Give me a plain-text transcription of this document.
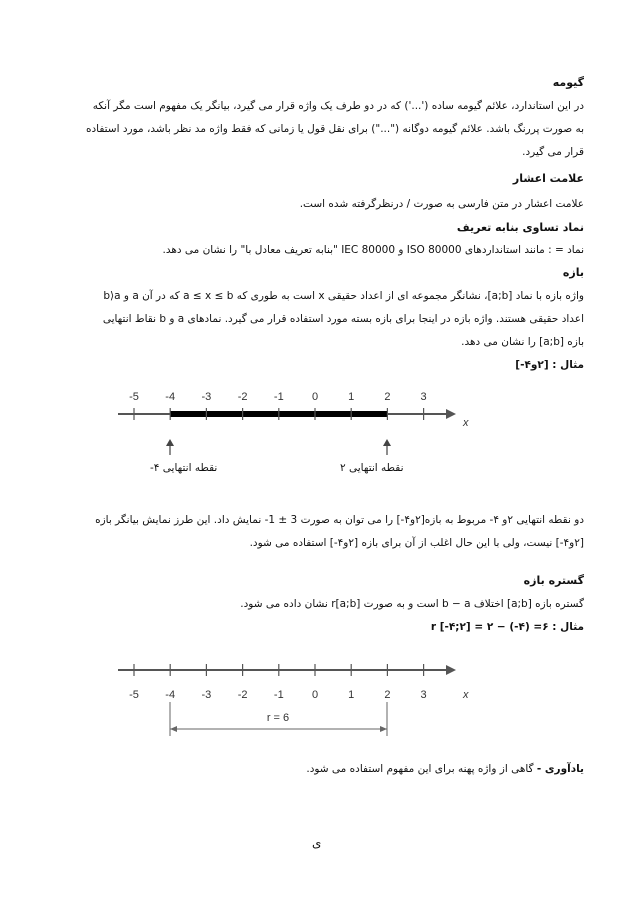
گیومه
در این استاندارد، علائم گیومه ساده ('...') که در دو طرف یک واژه قرار می گیرد، بیانگر یک مفهوم است مگر آنکه
به صورت پررنگ باشد. علائم گیومه دوگانه ("...") برای نقل قول یا زمانی که فقط واژه مد نظر باشد، مورد استفاده
قرار می گیرد.
علامت اعشار
علامت اعشار در متن فارسی به صورت / درنظرگرفته شده است.
نماد تساوی بنابه تعریف
نماد = : مانند استانداردهای ISO 80000 و IEC 80000 "بنابه تعریف معادل با" را نشان می دهد.
بازه
واژه بازه با نماد [a;b]، نشانگر مجموعه ای از اعداد حقیقی x است به طوری که a ≤ x ≤ b که در آن a و b⟩a
اعداد حقیقی هستند. واژه بازه در اینجا برای بازه بسته مورد استفاده قرار می گیرد. نمادهای a و b نقاط انتهایی
بازه [a;b] را نشان می دهد.
مثال : [۲و۴-]
-5 -4 -3 -2 -1	0	1	2	3
x
نقطه انتهایی ۴-	نقطه انتهایی ۲
دو نقطه انتهایی ۲و ۴- مربوط به بازه[۲و۴-] را می توان به صورت 3 ± 1- نمایش داد. این طرز نمایش بیانگر بازه
[۲و۴-] نیست، ولی با این حال اغلب از آن برای بازه [۲و۴-] استفاده می شود.
گستره بازه
گستره بازه [a;b] اختلاف b − a است و به صورت r[a;b] نشان داده می شود.
مثال : ۶= (۴-) − ۲ = [۲;۴-] r
-5 -4 -3 -2 -1	0	1	2	3	x
r = 6
یادآوری - گاهی از واژه پهنه برای این مفهوم استفاده می شود.
ی
